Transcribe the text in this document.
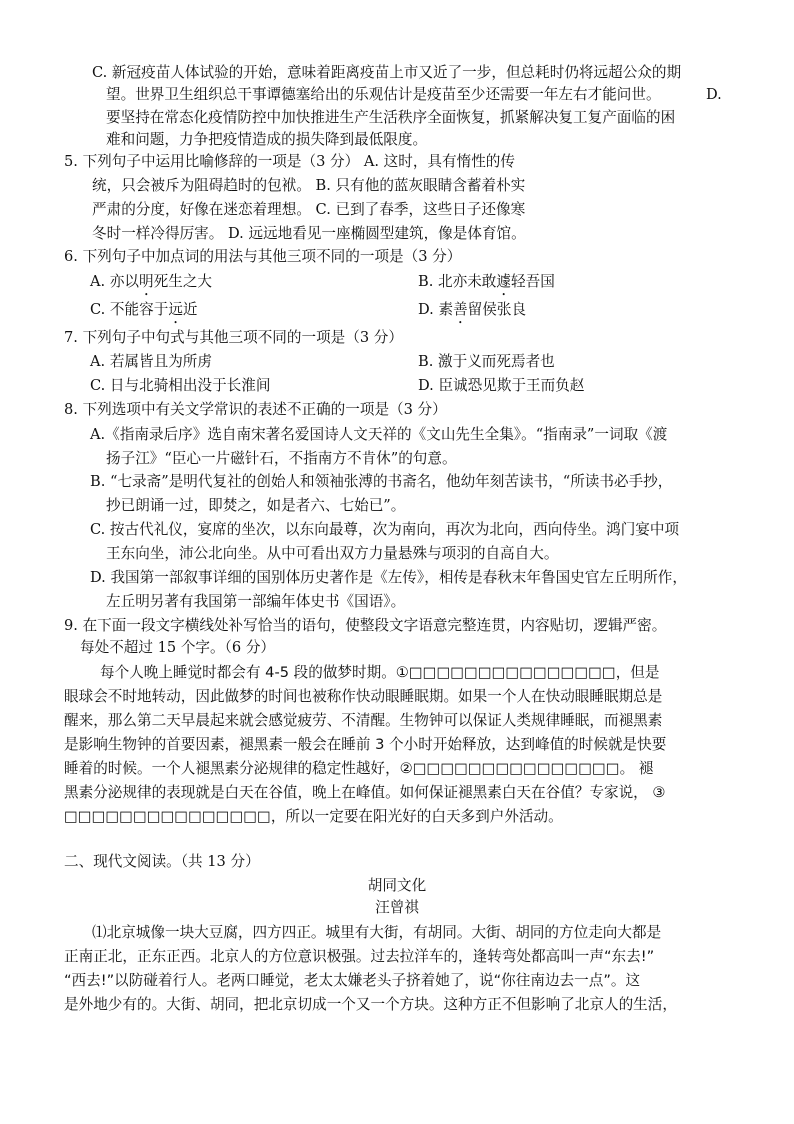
C. 新冠疫苗人体试验的开始，意味着距离疫苗上市又近了一步，但总耗时仍将远超公众的期
望。世界卫生组织总干事谭德塞给出的乐观估计是疫苗至少还需要一年左右才能问世。	D.
要坚持在常态化疫情防控中加快推进生产生活秩序全面恢复，抓紧解决复工复产面临的困
难和问题，力争把疫情造成的损失降到最低限度。
5. 下列句子中运用比喻修辞的一项是（3 分） A. 这时，具有惰性的传
统，只会被斥为阻碍趋时的包袱。 B. 只有他的蓝灰眼睛含蓄着朴实
严肃的分度，好像在迷恋着理想。 C. 已到了春季，这些日子还像寒
冬时一样冷得厉害。 D. 远远地看见一座椭圆型建筑，像是体育馆。
6. 下列句子中加点词的用法与其他三项不同的一项是（3 分）
A. 亦以明死生之大	B. 北亦未敢遽轻吾国
C. 不能容于远近	D. 素善留侯张良
7. 下列句子中句式与其他三项不同的一项是（3 分）
A. 若属皆且为所虏	B. 激于义而死焉者也
C. 日与北骑相出没于长淮间	D. 臣诚恐见欺于王而负赵
8. 下列选项中有关文学常识的表述不正确的一项是（3 分）
A.《指南录后序》选自南宋著名爱国诗人文天祥的《文山先生全集》。“指南录”一词取《渡
扬子江》“臣心一片磁针石，不指南方不肯休”的句意。
B. “七录斋”是明代复社的创始人和领袖张溥的书斋名，他幼年刻苦读书，“所读书必手抄，
抄已朗诵一过，即焚之，如是者六、七始已”。
C. 按古代礼仪，宴席的坐次，以东向最尊，次为南向，再次为北向，西向侍坐。鸿门宴中项
王东向坐，沛公北向坐。从中可看出双方力量悬殊与项羽的自高自大。
D. 我国第一部叙事详细的国别体历史著作是《左传》，相传是春秋末年鲁国史官左丘明所作，
左丘明另著有我国第一部编年体史书《国语》。
9. 在下面一段文字横线处补写恰当的语句，使整段文字语意完整连贯，内容贴切，逻辑严密。
每处不超过 15 个字。（6 分）
每个人晚上睡觉时都会有 4-5 段的做梦时期。①□□□□□□□□□□□□□□□，但是
眼球会不时地转动，因此做梦的时间也被称作快动眼睡眠期。如果一个人在快动眼睡眠期总是
醒来，那么第二天早晨起来就会感觉疲劳、不清醒。生物钟可以保证人类规律睡眠，而褪黑素
是影响生物钟的首要因素，褪黑素一般会在睡前 3 个小时开始释放，达到峰值的时候就是快要
睡着的时候。一个人褪黑素分泌规律的稳定性越好，②□□□□□□□□□□□□□□□。 褪
黑素分泌规律的表现就是白天在谷值，晚上在峰值。如何保证褪黑素白天在谷值？专家说， ③
□□□□□□□□□□□□□□□，所以一定要在阳光好的白天多到户外活动。
二、现代文阅读。（共 13 分）
胡同文化
汪曾祺
⑴北京城像一块大豆腐，四方四正。城里有大街，有胡同。大街、胡同的方位走向大都是
正南正北，正东正西。北京人的方位意识极强。过去拉洋车的，逢转弯处都高叫一声“东去!”
“西去!”以防碰着行人。老两口睡觉，老太太嫌老头子挤着她了，说“你往南边去一点”。这
是外地少有的。大街、胡同，把北京切成一个又一个方块。这种方正不但影响了北京人的生活，
